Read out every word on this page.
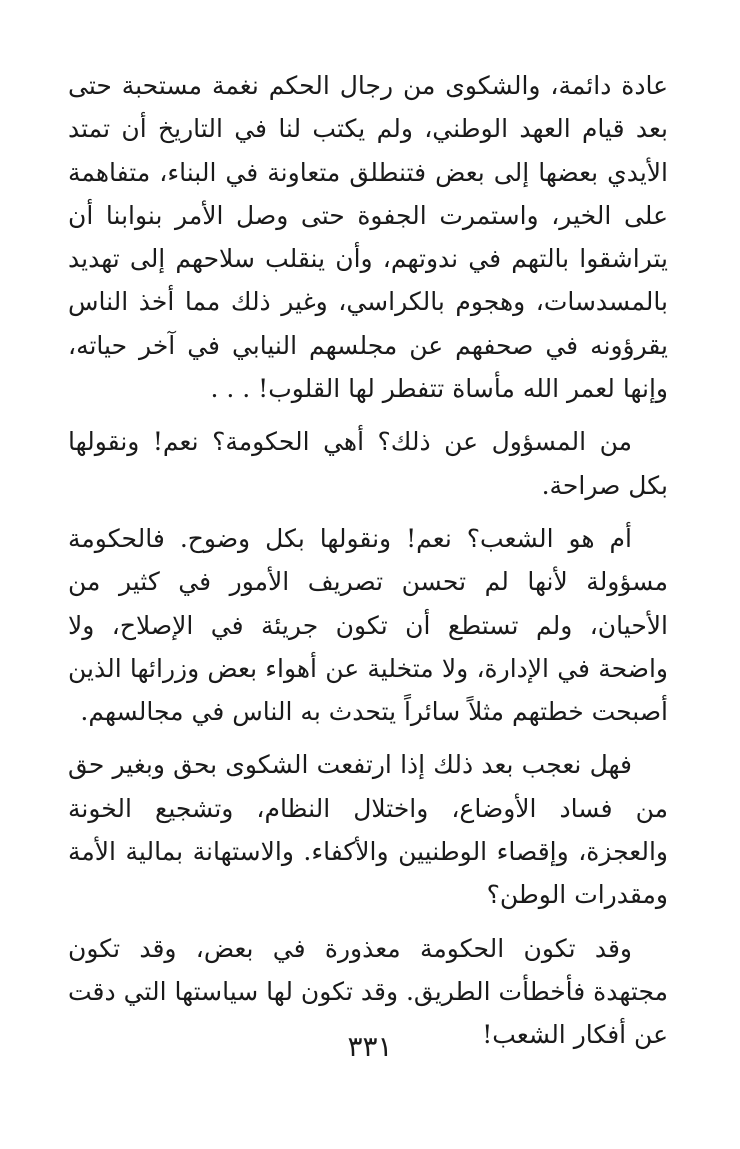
عادة دائمة، والشكوى من رجال الحكم نغمة مستحبة حتى بعد قيام العهد الوطني، ولم يكتب لنا في التاريخ أن تمتد الأيدي بعضها إلى بعض فتنطلق متعاونة في البناء، متفاهمة على الخير، واستمرت الجفوة حتى وصل الأمر بنوابنا أن يتراشقوا بالتهم في ندوتهم، وأن ينقلب سلاحهم إلى تهديد بالمسدسات، وهجوم بالكراسي، وغير ذلك مما أخذ الناس يقرؤونه في صحفهم عن مجلسهم النيابي في آخر حياته، وإنها لعمر الله مأساة تتفطر لها القلوب! . . .

من المسؤول عن ذلك؟ أهي الحكومة؟ نعم! ونقولها بكل صراحة.

أم هو الشعب؟ نعم! ونقولها بكل وضوح. فالحكومة مسؤولة لأنها لم تحسن تصريف الأمور في كثير من الأحيان، ولم تستطع أن تكون جريئة في الإصلاح، ولا واضحة في الإدارة، ولا متخلية عن أهواء بعض وزرائها الذين أصبحت خطتهم مثلاً سائراً يتحدث به الناس في مجالسهم.

فهل نعجب بعد ذلك إذا ارتفعت الشكوى بحق وبغير حق من فساد الأوضاع، واختلال النظام، وتشجيع الخونة والعجزة، وإقصاء الوطنيين والأكفاء. والاستهانة بمالية الأمة ومقدرات الوطن؟

وقد تكون الحكومة معذورة في بعض، وقد تكون مجتهدة فأخطأت الطريق. وقد تكون لها سياستها التي دقت عن أفكار الشعب!

٣٣١
